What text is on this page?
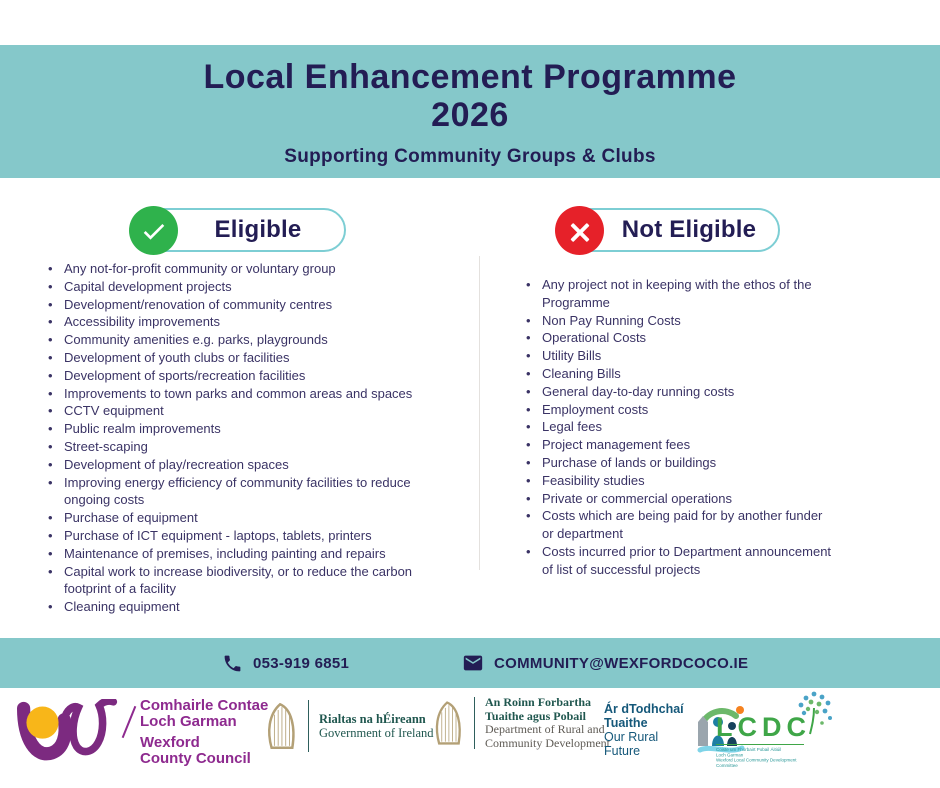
Local Enhancement Programme
2026
Supporting Community Groups & Clubs
Eligible	Not Eligible
• Any not-for-profit community or voluntary group
• Capital development projects
• Development/renovation of community centres
• Accessibility improvements
• Community amenities e.g. parks, playgrounds
• Development of youth clubs or facilities
• Development of sports/recreation facilities
• Improvements to town parks and common areas and spaces
• CCTV equipment
• Public realm improvements
• Street-scaping
• Development of play/recreation spaces
• Improving energy efficiency of community facilities to reduce ongoing costs
• Purchase of equipment
• Purchase of ICT equipment - laptops, tablets, printers
• Maintenance of premises, including painting and repairs
• Capital work to increase biodiversity, or to reduce the carbon footprint of a facility
• Cleaning equipment
• Any project not in keeping with the ethos of the Programme
• Non Pay Running Costs
• Operational Costs
• Utility Bills
• Cleaning Bills
• General day-to-day running costs
• Employment costs
• Legal fees
• Project management fees
• Purchase of lands or buildings
• Feasibility studies
• Private or commercial operations
• Costs which are being paid for by another funder or department
• Costs incurred prior to Department announcement of list of successful projects
053-919 6851	COMMUNITY@WEXFORDCOCO.IE
Comhairle Contae
Loch Garman
Wexford
County Council
Rialtas na hÉireann
Government of Ireland
An Roinn Forbartha
Tuaithe agus Pobail
Department of Rural and
Community Development
Ár dTodhchaí
Tuaithe
Our Rural
Future
LCDC
Coiste um Fhorbairt Pobail Áitiúil
Loch Garman
Wexford Local Community Development
Committee
